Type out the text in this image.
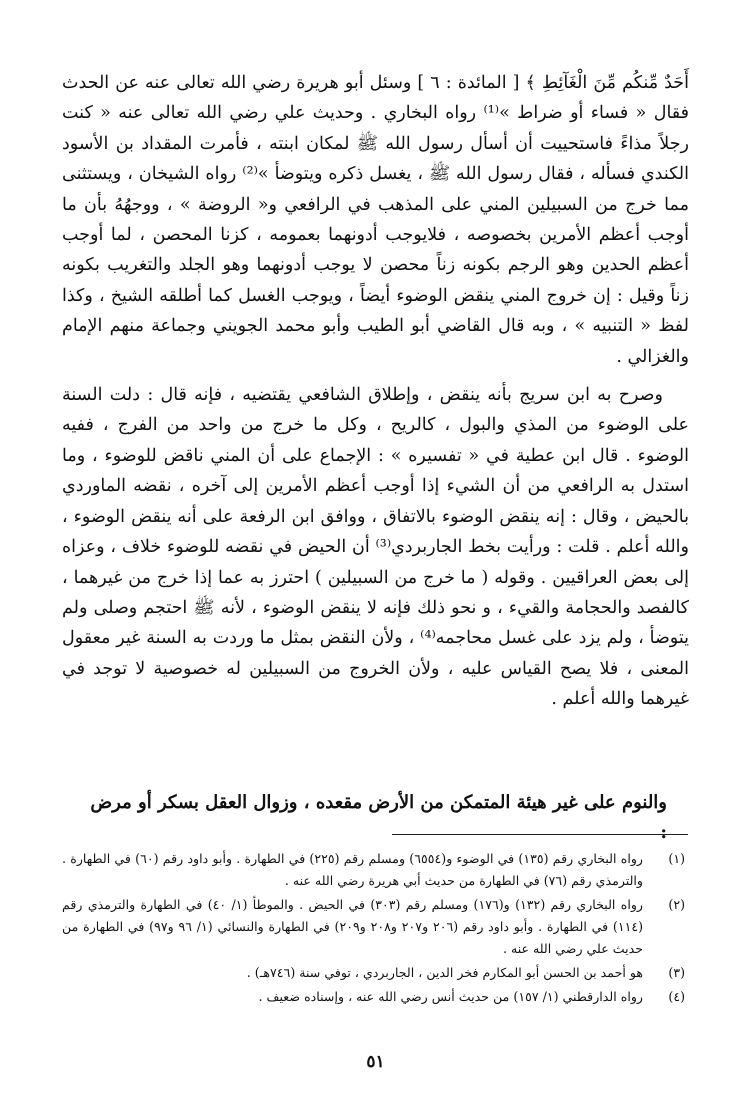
أَحَدٌ مِّنكُم مِّنَ الْغَآئِطِ ﴾ [ المائدة : ٦ ] وسئل أبو هريرة رضي الله تعالى عنه عن الحدث فقال « فساء أو ضراط »⁽¹⁾ رواه البخاري . وحديث علي رضي الله تعالى عنه « كنت رجلاً مذاءً فاستحييت أن أسأل رسول الله ﷺ لمكان ابنته ، فأمرت المقداد بن الأسود الكندي فسأله ، فقال رسول الله ﷺ ، يغسل ذكره ويتوضأ »⁽²⁾ رواه الشيخان ، ويستثنى مما خرج من السبيلين المني على المذهب في الرافعي و« الروضة » ، ووجهُهُ بأن ما أوجب أعظم الأمرين بخصوصه ، فلايوجب أدونهما بعمومه ، كزنا المحصن ، لما أوجب أعظم الحدين وهو الرجم بكونه زناً محصن لا يوجب أدونهما وهو الجلد والتغريب بكونه زناً وقيل : إن خروج المني ينقض الوضوء أيضاً ، ويوجب الغسل كما أطلقه الشيخ ، وكذا لفظ « التنبيه » ، وبه قال القاضي أبو الطيب وأبو محمد الجويني وجماعة منهم الإمام والغزالي .

وصرح به ابن سريج بأنه ينقض ، وإطلاق الشافعي يقتضيه ، فإنه قال : دلت السنة على الوضوء من المذي والبول ، كالريح ، وكل ما خرج من واحد من الفرج ، ففيه الوضوء . قال ابن عطية في « تفسيره » : الإجماع على أن المني ناقض للوضوء ، وما استدل به الرافعي من أن الشيء إذا أوجب أعظم الأمرين إلى آخره ، نقضه الماوردي بالحيض ، وقال : إنه ينقض الوضوء بالاتفاق ، ووافق ابن الرفعة على أنه ينقض الوضوء ، والله أعلم . قلت : ورأيت بخط الجاربردي⁽³⁾ أن الحيض في نقضه للوضوء خلاف ، وعزاه إلى بعض العراقيين . وقوله ( ما خرج من السبيلين ) احترز به عما إذا خرج من غيرهما ، كالفصد والحجامة والقيء ، و نحو ذلك فإنه لا ينقض الوضوء ، لأنه ﷺ احتجم وصلى ولم يتوضأ ، ولم يزد على غسل محاجمه⁽⁴⁾ ، ولأن النقض بمثل ما وردت به السنة غير معقول المعنى ، فلا يصح القياس عليه ، ولأن الخروج من السبيلين له خصوصية لا توجد في غيرهما والله أعلم .

والنوم على غير هيئة المتمكن من الأرض مقعده ، وزوال العقل بسكر أو مرض :
(١)
رواه البخاري رقم (١٣٥) في الوضوء و(٦٥٥٤) ومسلم رقم (٢٢٥) في الطهارة . وأبو داود رقم (٦٠) في الطهارة . والترمذي رقم (٧٦) في الطهارة من حديث أبي هريرة رضي الله عنه .
(٢)
رواه البخاري رقم (١٣٢) و(١٧٦) ومسلم رقم (٣٠٣) في الحيض . والموطأ (١/ ٤٠) في الطهارة والترمذي رقم (١١٤) في الطهارة . وأبو داود رقم (٢٠٦ و٢٠٧ و٢٠٨ و٢٠٩) في الطهارة والنسائي (١/ ٩٦ و٩٧) في الطهارة من حديث علي رضي الله عنه .
(٣)
هو أحمد بن الحسن أبو المكارم فخر الدين ، الجاربردي ، توفي سنة (٧٤٦هـ) .
(٤)
رواه الدارقطني (١/ ١٥٧) من حديث أنس رضي الله عنه ، وإسناده ضعيف .
٥١
